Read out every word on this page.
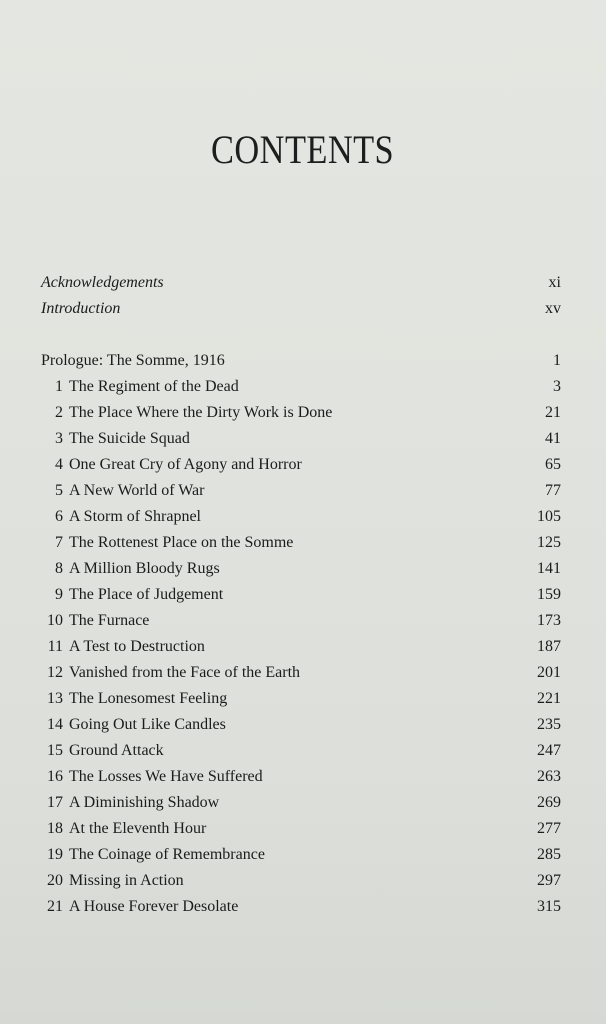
CONTENTS
Acknowledgements	xi
Introduction	xv
Prologue: The Somme, 1916	1
1 The Regiment of the Dead	3
2 The Place Where the Dirty Work is Done	21
3 The Suicide Squad	41
4 One Great Cry of Agony and Horror	65
5 A New World of War	77
6 A Storm of Shrapnel	105
7 The Rottenest Place on the Somme	125
8 A Million Bloody Rugs	141
9 The Place of Judgement	159
10 The Furnace	173
11 A Test to Destruction	187
12 Vanished from the Face of the Earth	201
13 The Lonesomest Feeling	221
14 Going Out Like Candles	235
15 Ground Attack	247
16 The Losses We Have Suffered	263
17 A Diminishing Shadow	269
18 At the Eleventh Hour	277
19 The Coinage of Remembrance	285
20 Missing in Action	297
21 A House Forever Desolate	315
